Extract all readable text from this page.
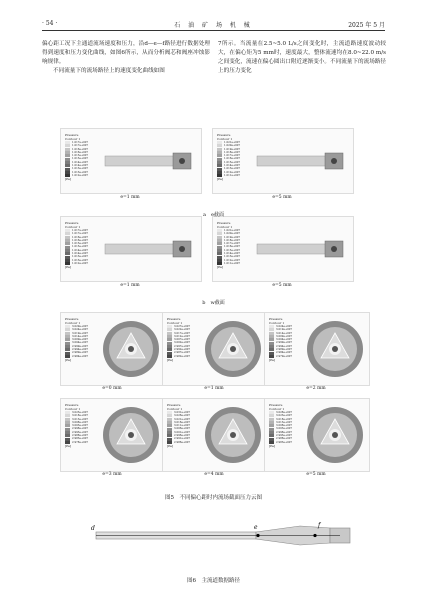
· 54 ·	石 油 矿 场 机 械	2025 年 5 月

偏心距工况下主通道流场速度和压力，沿d—e—f路径进行数据处理得到速度和压力变化曲线，如图6所示，从而分析阀芯和阀座冲蚀影响规律。

不同流量下的流场路径上的速度变化曲线如图

7所示。当流量在2.5~5.0 L/s之间变化时，主流道路速度波动较大，在偏心矩为5 mm时，速度最大，整体流速均在8.0~22.0 m/s之间变化，流速在偏心圆出口附近逐渐变小。不同流量下的流场路径上的压力变化

Pressure
Contour 1
1.017e+007
1.017e+007
1.016e+007
1.016e+007
1.015e+007
1.015e+007
1.014e+007
1.014e+007
1.013e+007
1.013e+007
1.012e+007
[Pa]
e=1 mm
Pressure
Contour 1
1.021e+007
1.020e+007
1.019e+007
1.018e+007
1.017e+007
1.016e+007
1.015e+007
1.014e+007
1.013e+007
1.012e+007
1.011e+007
[Pa]
e=5 mm
Pressure
Contour 1
1.017e+007
1.017e+007
1.016e+007
1.016e+007
1.015e+007
1.015e+007
1.014e+007
1.014e+007
1.013e+007
1.013e+007
1.012e+007
[Pa]
e=1 mm
Pressure
Contour 1
1.021e+007
1.020e+007
1.019e+007
1.018e+007
1.017e+007
1.016e+007
1.015e+007
1.014e+007
1.013e+007
1.012e+007
1.011e+007
[Pa]
e=5 mm
a　e截面
b　w截面
Pressure
Contour 1
3.029e+007
3.024e+007
3.019e+007
3.014e+007
3.009e+007
3.004e+007
2.999e+007
2.994e+007
2.989e+007
2.984e+007
[Pa]
e=0 mm
Pressure
Contour 1
3.027e+007
3.022e+007
3.017e+007
3.012e+007
3.007e+007
3.002e+007
2.997e+007
2.992e+007
2.987e+007
2.982e+007
[Pa]
e=1 mm
Pressure
Contour 1
3.024e+007
3.019e+007
3.014e+007
3.009e+007
3.004e+007
2.999e+007
2.994e+007
2.989e+007
2.984e+007
2.979e+007
[Pa]
e=2 mm
Pressure
Contour 1
3.023e+007
3.018e+007
3.013e+007
3.008e+007
3.003e+007
2.998e+007
2.993e+007
2.988e+007
2.983e+007
2.978e+007
[Pa]
e=3 mm
Pressure
Contour 1
3.031e+007
3.026e+007
3.021e+007
3.016e+007
3.011e+007
3.006e+007
3.001e+007
2.996e+007
2.991e+007
2.986e+007
[Pa]
e=4 mm
Pressure
Contour 1
3.028e+007
3.023e+007
3.018e+007
3.013e+007
3.008e+007
3.003e+007
2.998e+007
2.993e+007
2.988e+007
2.983e+007
[Pa]
e=5 mm
图5　不同偏心距时内流场截面压力云图
d	e	f
图6　主流道数据路径
